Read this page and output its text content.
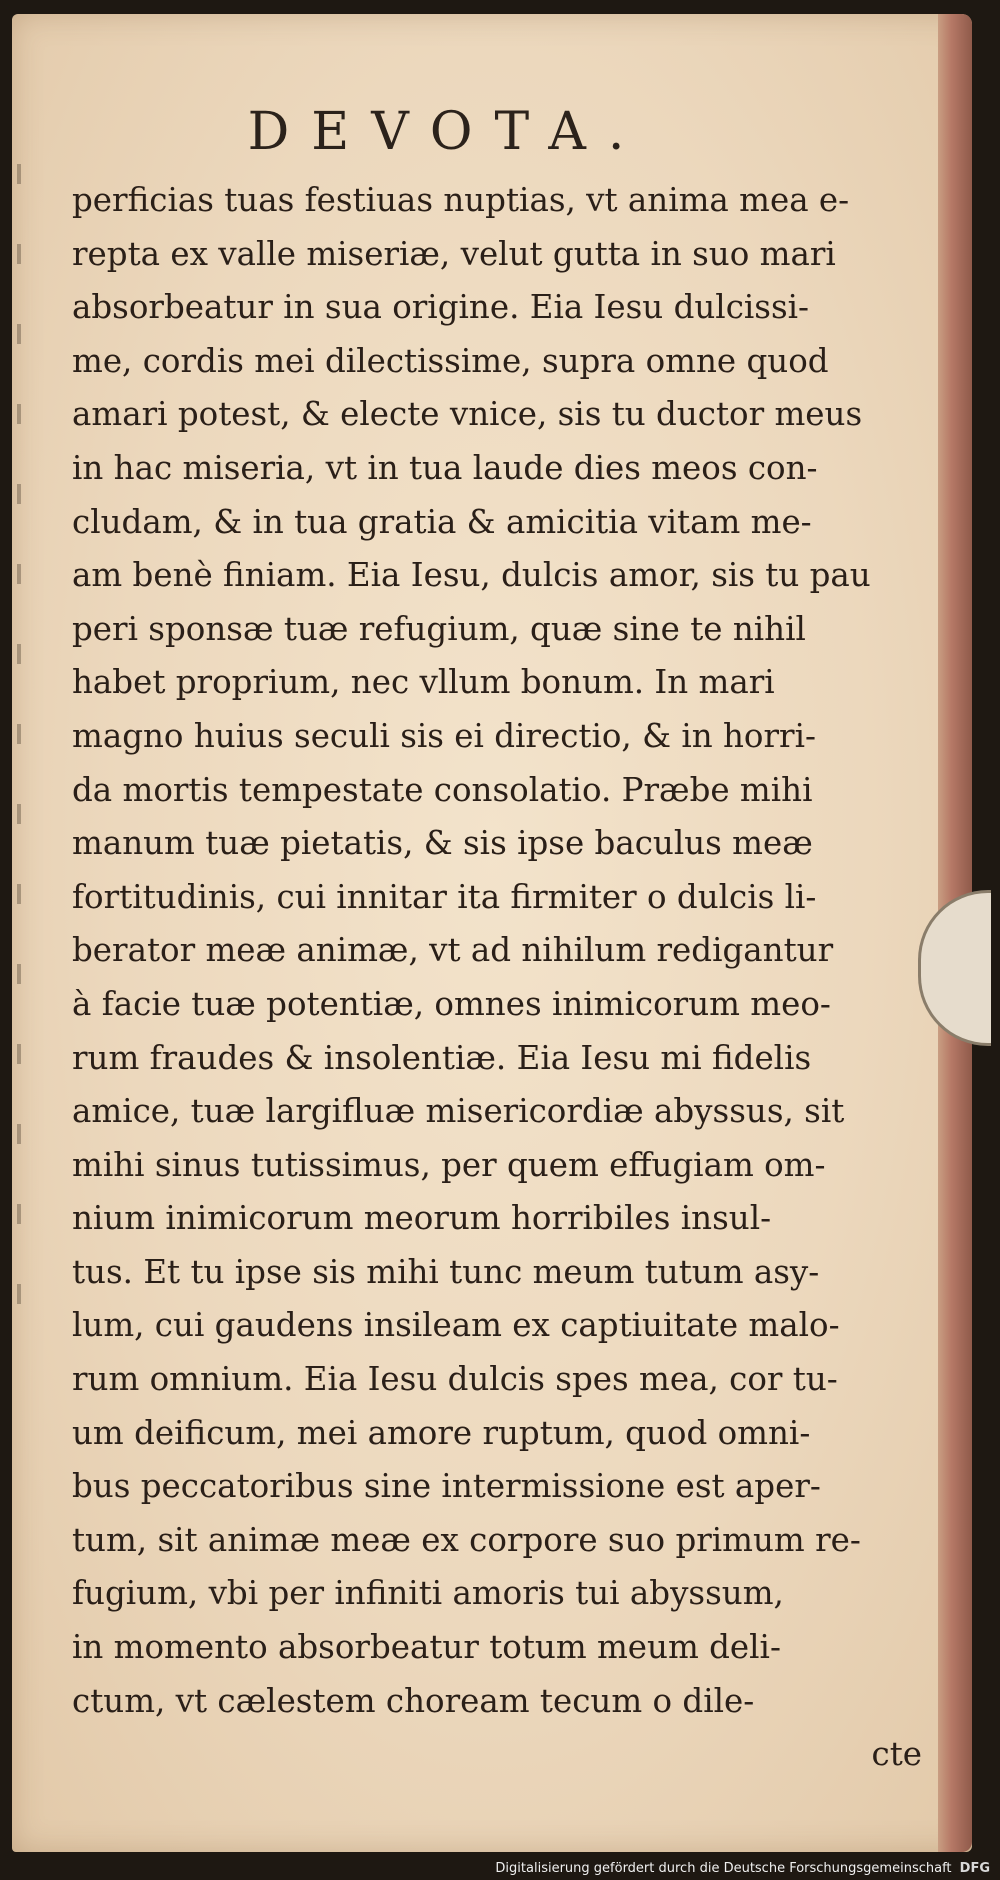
DEVOTA.
perficias tuas festiuas nuptias, vt anima mea e-
repta ex valle miseriæ, velut gutta in suo mari
absorbeatur in sua origine. Eia Iesu dulcissi-
me, cordis mei dilectissime, supra omne quod
amari potest, & electe vnice, sis tu ductor meus
in hac miseria, vt in tua laude dies meos con-
cludam, & in tua gratia & amicitia vitam me-
am benè finiam. Eia Iesu, dulcis amor, sis tu pau
peri sponsæ tuæ refugium, quæ sine te nihil
habet proprium, nec vllum bonum. In mari
magno huius seculi sis ei directio, & in horri-
da mortis tempestate consolatio. Præbe mihi
manum tuæ pietatis, & sis ipse baculus meæ
fortitudinis, cui innitar ita firmiter o dulcis li-
berator meæ animæ, vt ad nihilum redigantur
à facie tuæ potentiæ, omnes inimicorum meo-
rum fraudes & insolentiæ. Eia Iesu mi fidelis
amice, tuæ largifluæ misericordiæ abyssus, sit
mihi sinus tutissimus, per quem effugiam om-
nium inimicorum meorum horribiles insul-
tus. Et tu ipse sis mihi tunc meum tutum asy-
lum, cui gaudens insileam ex captiuitate malo-
rum omnium. Eia Iesu dulcis spes mea, cor tu-
um deificum, mei amore ruptum, quod omni-
bus peccatoribus sine intermissione est aper-
tum, sit animæ meæ ex corpore suo primum re-
fugium, vbi per infiniti amoris tui abyssum,
in momento absorbeatur totum meum deli-
ctum, vt cælestem choream tecum o dile-
cte
Digitalisierung gefördert durch die Deutsche Forschungsgemeinschaft DFG
